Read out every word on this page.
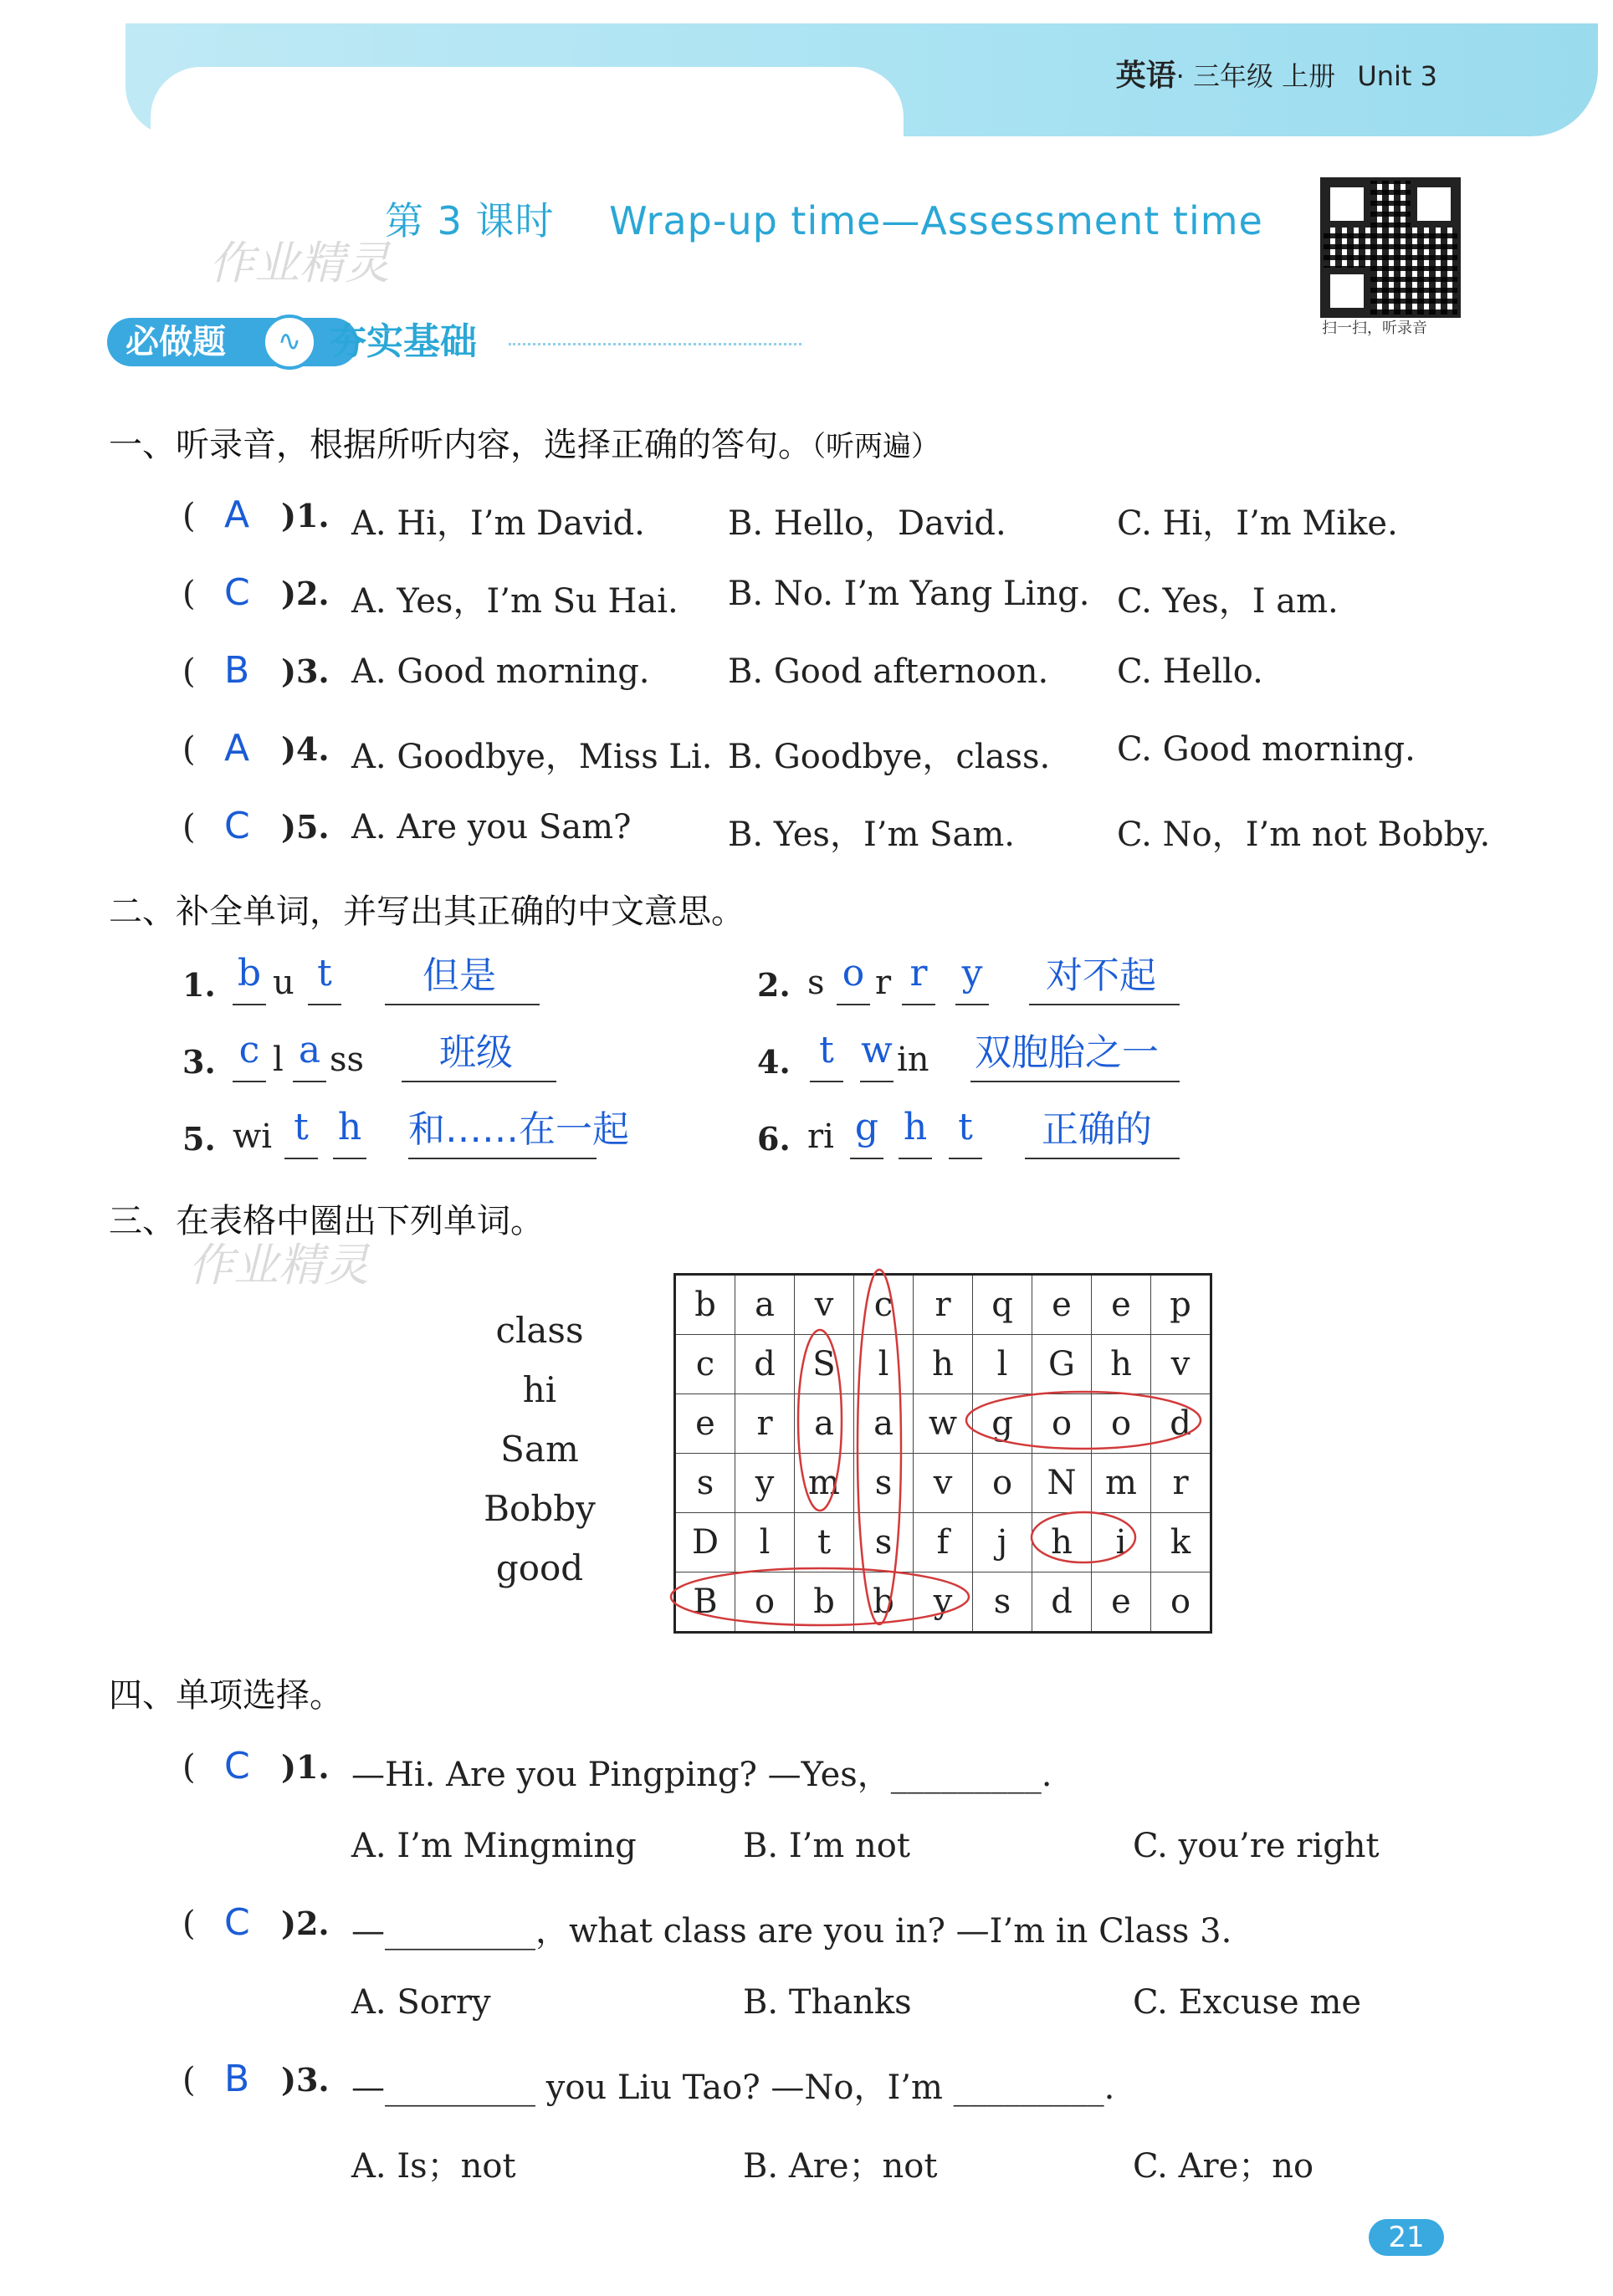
英语· 三年级 上册 Unit 3
第 3 课时 Wrap-up time—Assessment time
作业精灵
扫一扫，听录音
必做题	∿ 夯实基础
一、听录音，根据所听内容，选择正确的答句。（听两遍）
( A )1. A. Hi，I’m David. B. Hello，David.	C. Hi，I’m Mike.
( C )2. A. Yes，I’m Su Hai. B. No. I’m Yang Ling. C. Yes，I am.
( B )3. A. Good morning. B. Good afternoon. C. Hello.
( A )4. A. Goodbye，Miss Li. B. Goodbye，class. C. Good morning.
( C )5. A. Are you Sam?	B. Yes，I’m Sam.	C. No，I’m not Bobby.
二、补全单词，并写出其正确的中文意思。
1. b u t 但是	2. s o r r y 对不起
3. c l a ss 班级	4. t w in 双胞胎之一
5. wi t h 和……在一起	6. ri g h t 正确的
三、在表格中圈出下列单词。
作业精灵
class
hi
Sam
Bobby
good
b	a	v	c	r	q	e	e	p
c	d	S	l	h	l	G	h	v
e	r	a	a	w	g	o	o	d
s	y	m	s	v	o	N	m	r
D	l	t	s	f	j	h	i	k
B	o	b	b	y	s	d	e	o
四、单项选择。
( C )1. —Hi. Are you Pingping? —Yes，_________.
A. I’m Mingming	B. I’m not	C. you’re right
( C )2. —_________，what class are you in? —I’m in Class 3.
A. Sorry	B. Thanks	C. Excuse me
( B )3. —_________ you Liu Tao? —No，I’m _________.
A. Is；not	B. Are；not	C. Are；no
21
